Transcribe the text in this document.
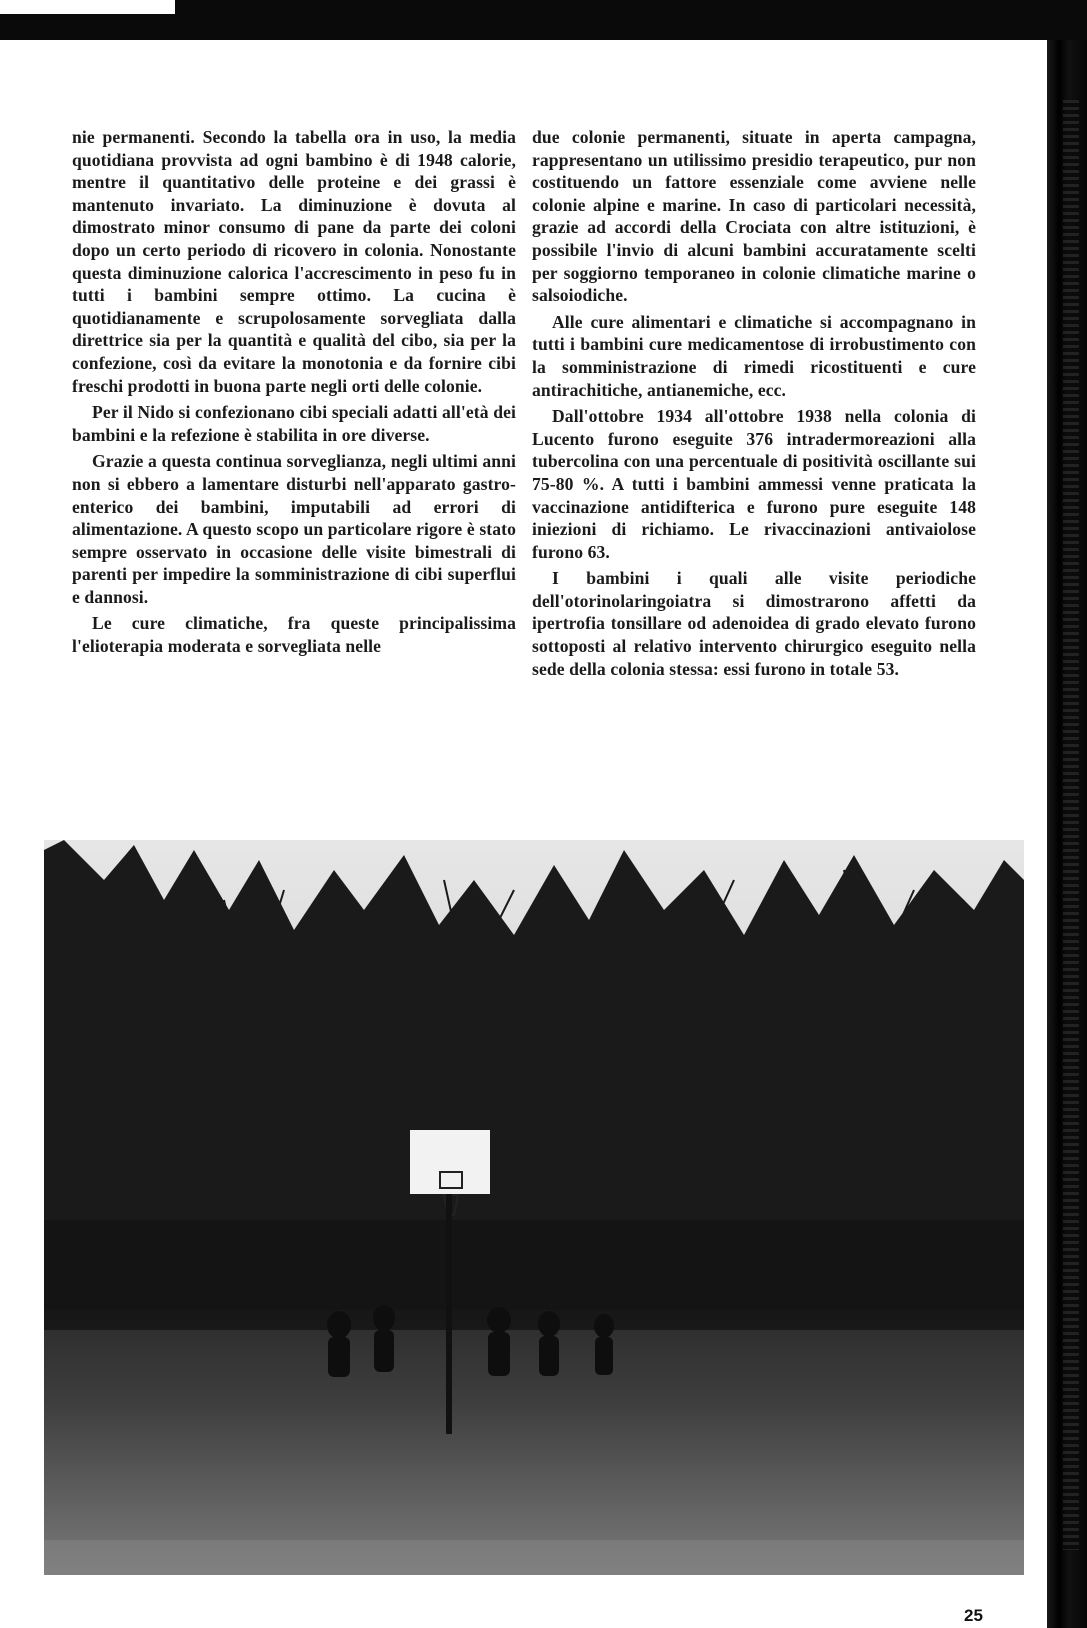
nie permanenti. Secondo la tabella ora in uso, la media quotidiana provvista ad ogni bambino è di 1948 calorie, mentre il quantitativo delle proteine e dei grassi è mantenuto invariato. La diminuzione è dovuta al dimostrato minor consumo di pane da parte dei coloni dopo un certo periodo di ricovero in colonia. Nonostante questa diminuzione calorica l'accrescimento in peso fu in tutti i bambini sempre ottimo. La cucina è quotidianamente e scrupolosamente sorvegliata dalla direttrice sia per la quantità e qualità del cibo, sia per la confezione, così da evitare la monotonia e da fornire cibi freschi prodotti in buona parte negli orti delle colonie.

Per il Nido si confezionano cibi speciali adatti all'età dei bambini e la refezione è stabilita in ore diverse.

Grazie a questa continua sorveglianza, negli ultimi anni non si ebbero a lamentare disturbi nell'apparato gastro-enterico dei bambini, imputabili ad errori di alimentazione. A questo scopo un particolare rigore è stato sempre osservato in occasione delle visite bimestrali di parenti per impedire la somministrazione di cibi superflui e dannosi.

Le cure climatiche, fra queste principalissima l'elioterapia moderata e sorvegliata nelle

due colonie permanenti, situate in aperta campagna, rappresentano un utilissimo presidio terapeutico, pur non costituendo un fattore essenziale come avviene nelle colonie alpine e marine. In caso di particolari necessità, grazie ad accordi della Crociata con altre istituzioni, è possibile l'invio di alcuni bambini accuratamente scelti per soggiorno temporaneo in colonie climatiche marine o salsoiodiche.

Alle cure alimentari e climatiche si accompagnano in tutti i bambini cure medicamentose di irrobustimento con la somministrazione di rimedi ricostituenti e cure antirachitiche, antianemiche, ecc.

Dall'ottobre 1934 all'ottobre 1938 nella colonia di Lucento furono eseguite 376 intradermoreazioni alla tubercolina con una percentuale di positività oscillante sui 75-80 %. A tutti i bambini ammessi venne praticata la vaccinazione antidifterica e furono pure eseguite 148 iniezioni di richiamo. Le rivaccinazioni antivaiolose furono 63.

I bambini i quali alle visite periodiche dell'otorinolaringoiatra si dimostrarono affetti da ipertrofia tonsillare od adenoidea di grado elevato furono sottoposti al relativo intervento chirurgico eseguito nella sede della colonia stessa: essi furono in totale 53.

25
